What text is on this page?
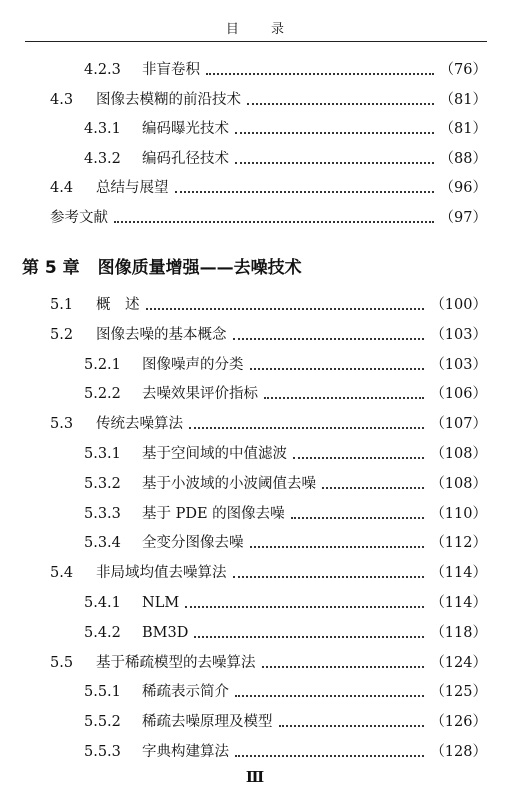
目 录
4.2.3	非盲卷积	（76）
4.3	图像去模糊的前沿技术	（81）
4.3.1	编码曝光技术	（81）
4.3.2	编码孔径技术	（88）
4.4	总结与展望	（96）
参考文献	（97）
第 5 章 图像质量增强——去噪技术
5.1	概　述	（100）
5.2	图像去噪的基本概念	（103）
5.2.1	图像噪声的分类	（103）
5.2.2	去噪效果评价指标	（106）
5.3	传统去噪算法	（107）
5.3.1	基于空间域的中值滤波	（108）
5.3.2	基于小波域的小波阈值去噪	（108）
5.3.3	基于 PDE 的图像去噪	（110）
5.3.4	全变分图像去噪	（112）
5.4	非局域均值去噪算法	（114）
5.4.1	NLM	（114）
5.4.2	BM3D	（118）
5.5	基于稀疏模型的去噪算法	（124）
5.5.1	稀疏表示简介	（125）
5.5.2	稀疏去噪原理及模型	（126）
5.5.3	字典构建算法	（128）
Ⅲ
